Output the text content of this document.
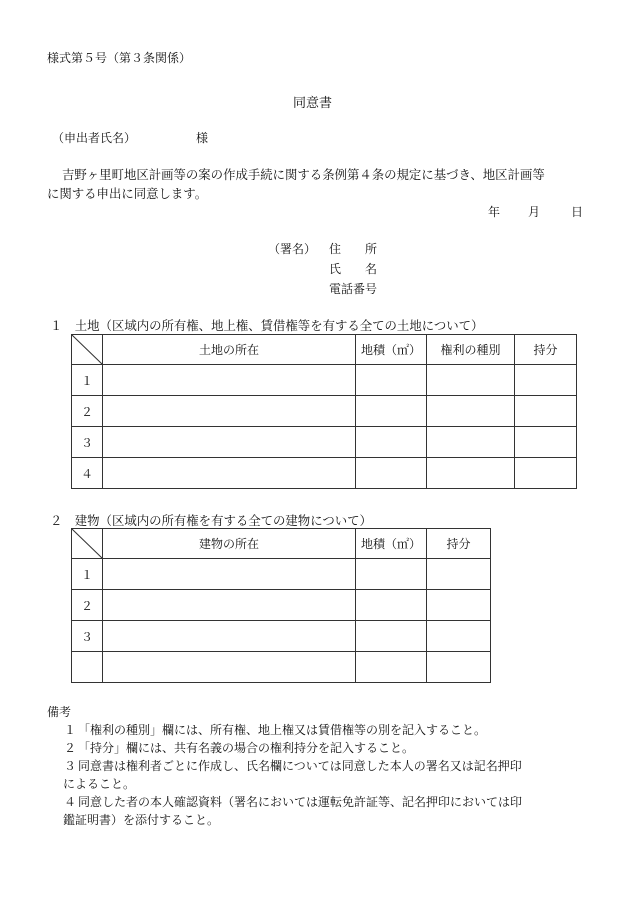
様式第５号（第３条関係）
同意書
（申出者氏名）	様
吉野ヶ里町地区計画等の案の作成手続に関する条例第４条の規定に基づき、地区計画等
に関する申出に同意します。
年 月	日
（署名） 住　　所
氏　　名
電話番号
１　土地（区域内の所有権、地上権、賃借権等を有する全ての土地について）
	土地の所在	地積（㎡）	権利の種別	持分
１				
２				
３				
４				
２　建物（区域内の所有権を有する全ての建物について）
	建物の所在	地積（㎡）	持分
１			
２			
３			

備考
１ 「権利の種別」欄には、所有権、地上権又は賃借権等の別を記入すること。
２ 「持分」欄には、共有名義の場合の権利持分を記入すること。
３ 同意書は権利者ごとに作成し、氏名欄については同意した本人の署名又は記名押印
によること。
４ 同意した者の本人確認資料（署名においては運転免許証等、記名押印においては印
鑑証明書）を添付すること。
